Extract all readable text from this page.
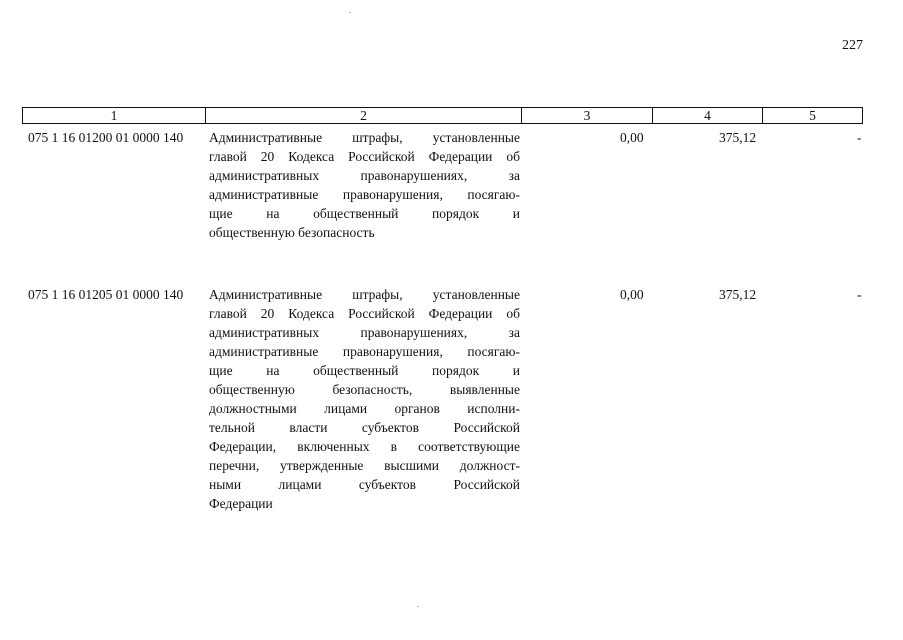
227
1	2	3	4	5
075 1 16 01200 01 0000 140 Административные штрафы, установленные
главой 20 Кодекса Российской Федерации об
административных правонарушениях, за
административные правонарушения, посягаю-
щие на общественный порядок и
общественную безопасность
0,00	375,12	-
075 1 16 01205 01 0000 140 Административные штрафы, установленные
главой 20 Кодекса Российской Федерации об
административных правонарушениях, за
административные правонарушения, посягаю-
щие на общественный порядок и
общественную безопасность, выявленные
должностными лицами органов исполни-
тельной власти субъектов Российской
Федерации, включенных в соответствующие
перечни, утвержденные высшими должност-
ными лицами субъектов Российской
Федерации
0,00	375,12	-
